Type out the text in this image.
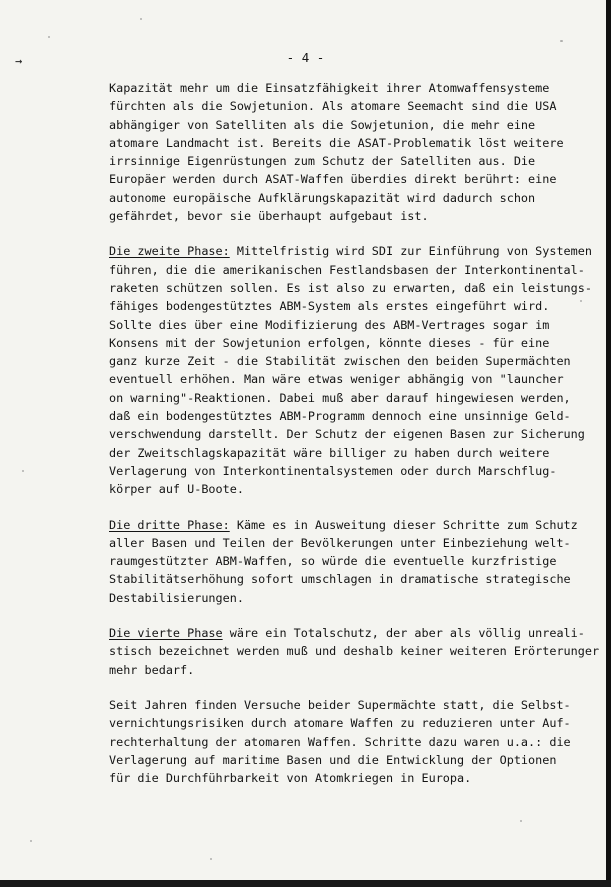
→	- 4 -
Kapazität mehr um die Einsatzfähigkeit ihrer Atomwaffensysteme
fürchten als die Sowjetunion. Als atomare Seemacht sind die USA
abhängiger von Satelliten als die Sowjetunion, die mehr eine
atomare Landmacht ist. Bereits die ASAT-Problematik löst weitere
irrsinnige Eigenrüstungen zum Schutz der Satelliten aus. Die
Europäer werden durch ASAT-Waffen überdies direkt berührt: eine
autonome europäische Aufklärungskapazität wird dadurch schon
gefährdet, bevor sie überhaupt aufgebaut ist.
Die zweite Phase: Mittelfristig wird SDI zur Einführung von Systemen
führen, die die amerikanischen Festlandsbasen der Interkontinental-
raketen schützen sollen. Es ist also zu erwarten, daß ein leistungs-
fähiges bodengestütztes ABM-System als erstes eingeführt wird.
Sollte dies über eine Modifizierung des ABM-Vertrages sogar im
Konsens mit der Sowjetunion erfolgen, könnte dieses - für eine
ganz kurze Zeit - die Stabilität zwischen den beiden Supermächten
eventuell erhöhen. Man wäre etwas weniger abhängig von "launcher
on warning"-Reaktionen. Dabei muß aber darauf hingewiesen werden,
daß ein bodengestütztes ABM-Programm dennoch eine unsinnige Geld-
verschwendung darstellt. Der Schutz der eigenen Basen zur Sicherung
der Zweitschlagskapazität wäre billiger zu haben durch weitere
Verlagerung von Interkontinentalsystemen oder durch Marschflug-
körper auf U-Boote.
Die dritte Phase: Käme es in Ausweitung dieser Schritte zum Schutz
aller Basen und Teilen der Bevölkerungen unter Einbeziehung welt-
raumgestützter ABM-Waffen, so würde die eventuelle kurzfristige
Stabilitätserhöhung sofort umschlagen in dramatische strategische
Destabilisierungen.
Die vierte Phase wäre ein Totalschutz, der aber als völlig unreali-
stisch bezeichnet werden muß und deshalb keiner weiteren Erörterunger
mehr bedarf.
Seit Jahren finden Versuche beider Supermächte statt, die Selbst-
vernichtungsrisiken durch atomare Waffen zu reduzieren unter Auf-
rechterhaltung der atomaren Waffen. Schritte dazu waren u.a.: die
Verlagerung auf maritime Basen und die Entwicklung der Optionen
für die Durchführbarkeit von Atomkriegen in Europa.
